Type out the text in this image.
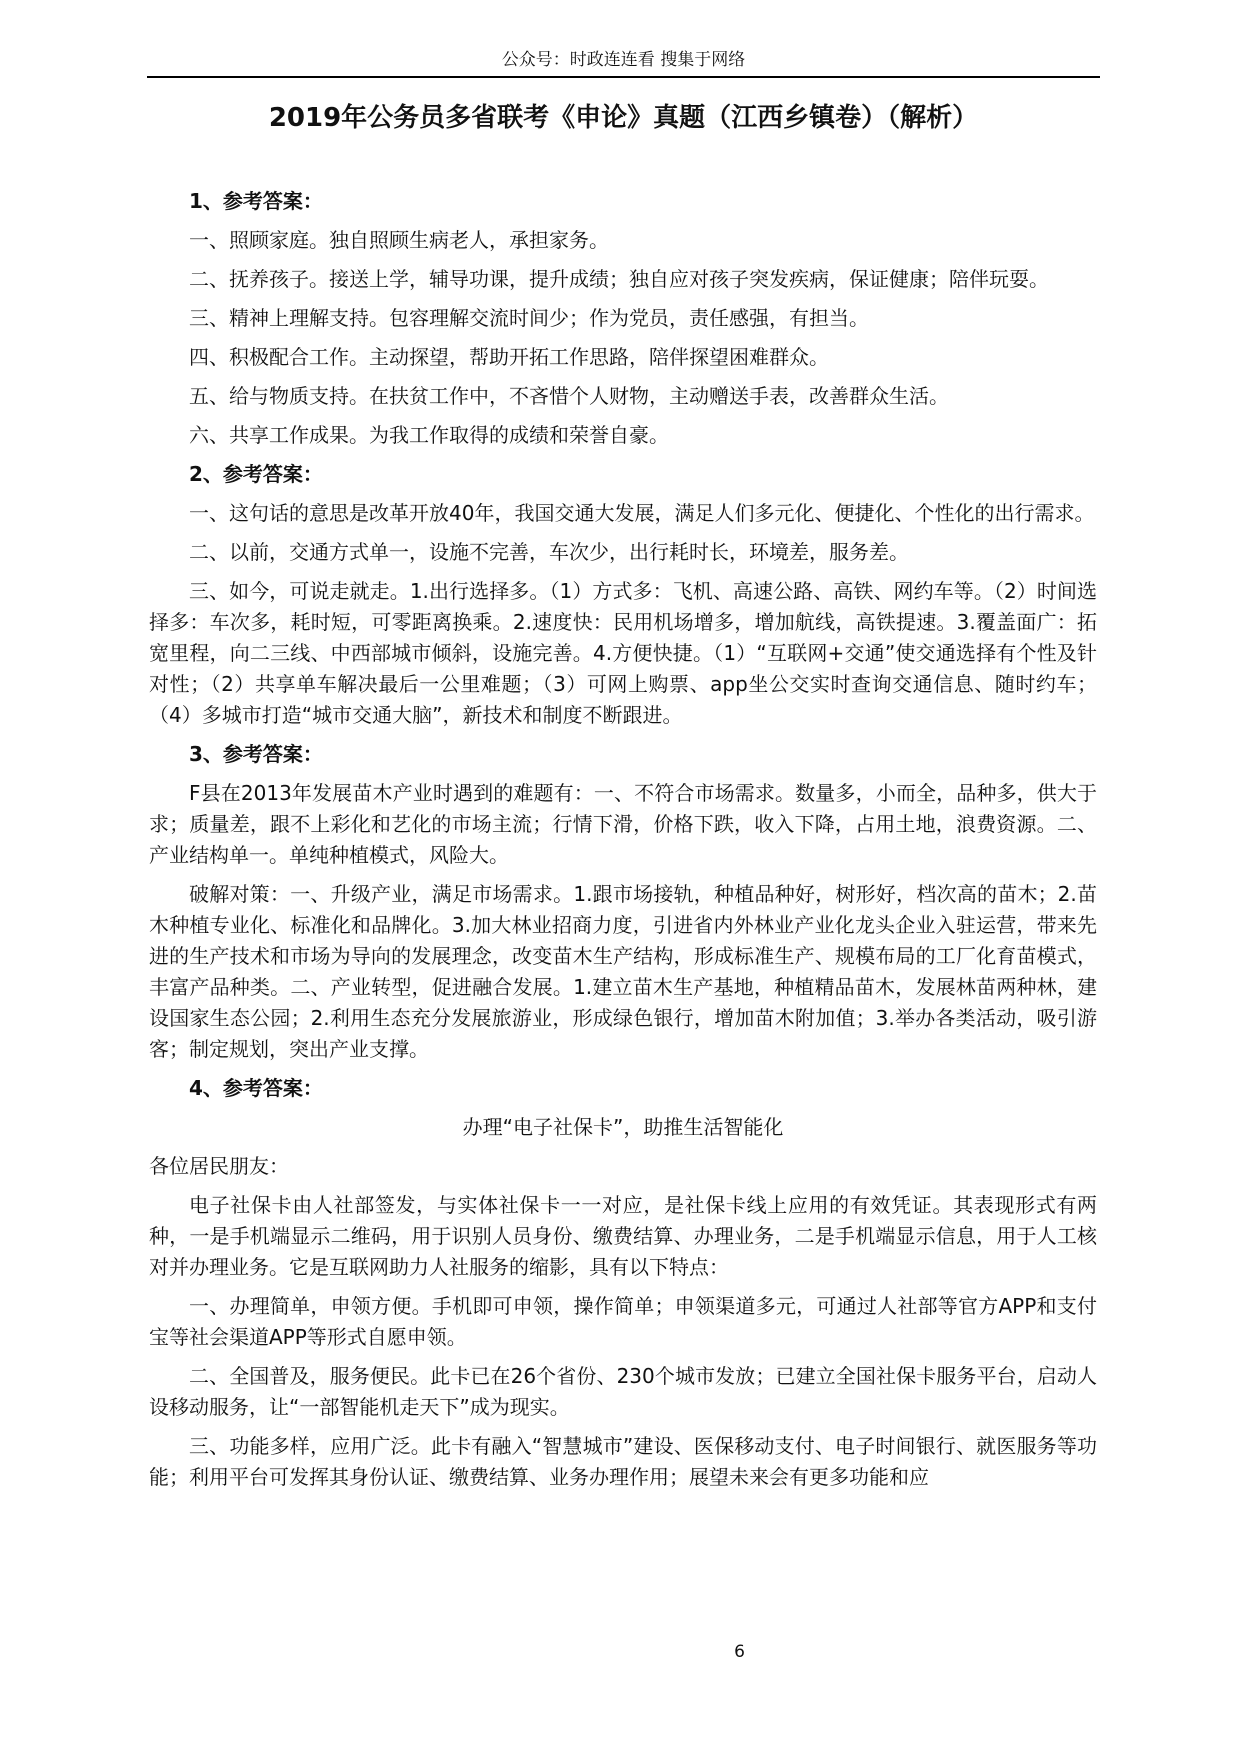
公众号：时政连连看 搜集于网络
2019年公务员多省联考《申论》真题（江西乡镇卷）（解析）

1、参考答案：

一、照顾家庭。独自照顾生病老人，承担家务。

二、抚养孩子。接送上学，辅导功课，提升成绩；独自应对孩子突发疾病，保证健康；陪伴玩耍。

三、精神上理解支持。包容理解交流时间少；作为党员，责任感强，有担当。

四、积极配合工作。主动探望，帮助开拓工作思路，陪伴探望困难群众。

五、给与物质支持。在扶贫工作中，不吝惜个人财物，主动赠送手表，改善群众生活。

六、共享工作成果。为我工作取得的成绩和荣誉自豪。

2、参考答案：

一、这句话的意思是改革开放40年，我国交通大发展，满足人们多元化、便捷化、个性化的出行需求。

二、以前，交通方式单一，设施不完善，车次少，出行耗时长，环境差，服务差。

三、如今，可说走就走。1.出行选择多。（1）方式多：飞机、高速公路、高铁、网约车等。（2）时间选择多：车次多，耗时短，可零距离换乘。2.速度快：民用机场增多，增加航线，高铁提速。3.覆盖面广：拓宽里程，向二三线、中西部城市倾斜，设施完善。4.方便快捷。（1）“互联网+交通”使交通选择有个性及针对性；（2）共享单车解决最后一公里难题；（3）可网上购票、app坐公交实时查询交通信息、随时约车；（4）多城市打造“城市交通大脑”，新技术和制度不断跟进。

3、参考答案：

F县在2013年发展苗木产业时遇到的难题有：一、不符合市场需求。数量多，小而全，品种多，供大于求；质量差，跟不上彩化和艺化的市场主流；行情下滑，价格下跌，收入下降，占用土地，浪费资源。二、产业结构单一。单纯种植模式，风险大。

破解对策：一、升级产业，满足市场需求。1.跟市场接轨，种植品种好，树形好，档次高的苗木；2.苗木种植专业化、标准化和品牌化。3.加大林业招商力度，引进省内外林业产业化龙头企业入驻运营，带来先进的生产技术和市场为导向的发展理念，改变苗木生产结构，形成标准生产、规模布局的工厂化育苗模式，丰富产品种类。二、产业转型，促进融合发展。1.建立苗木生产基地，种植精品苗木，发展林苗两种林，建设国家生态公园；2.利用生态充分发展旅游业，形成绿色银行，增加苗木附加值；3.举办各类活动，吸引游客；制定规划，突出产业支撑。

4、参考答案：

办理“电子社保卡”，助推生活智能化

各位居民朋友：

电子社保卡由人社部签发，与实体社保卡一一对应，是社保卡线上应用的有效凭证。其表现形式有两种，一是手机端显示二维码，用于识别人员身份、缴费结算、办理业务，二是手机端显示信息，用于人工核对并办理业务。它是互联网助力人社服务的缩影，具有以下特点：

一、办理简单，申领方便。手机即可申领，操作简单；申领渠道多元，可通过人社部等官方APP和支付宝等社会渠道APP等形式自愿申领。

二、全国普及，服务便民。此卡已在26个省份、230个城市发放；已建立全国社保卡服务平台，启动人设移动服务，让“一部智能机走天下”成为现实。

三、功能多样，应用广泛。此卡有融入“智慧城市”建设、医保移动支付、电子时间银行、就医服务等功能；利用平台可发挥其身份认证、缴费结算、业务办理作用；展望未来会有更多功能和应

6
